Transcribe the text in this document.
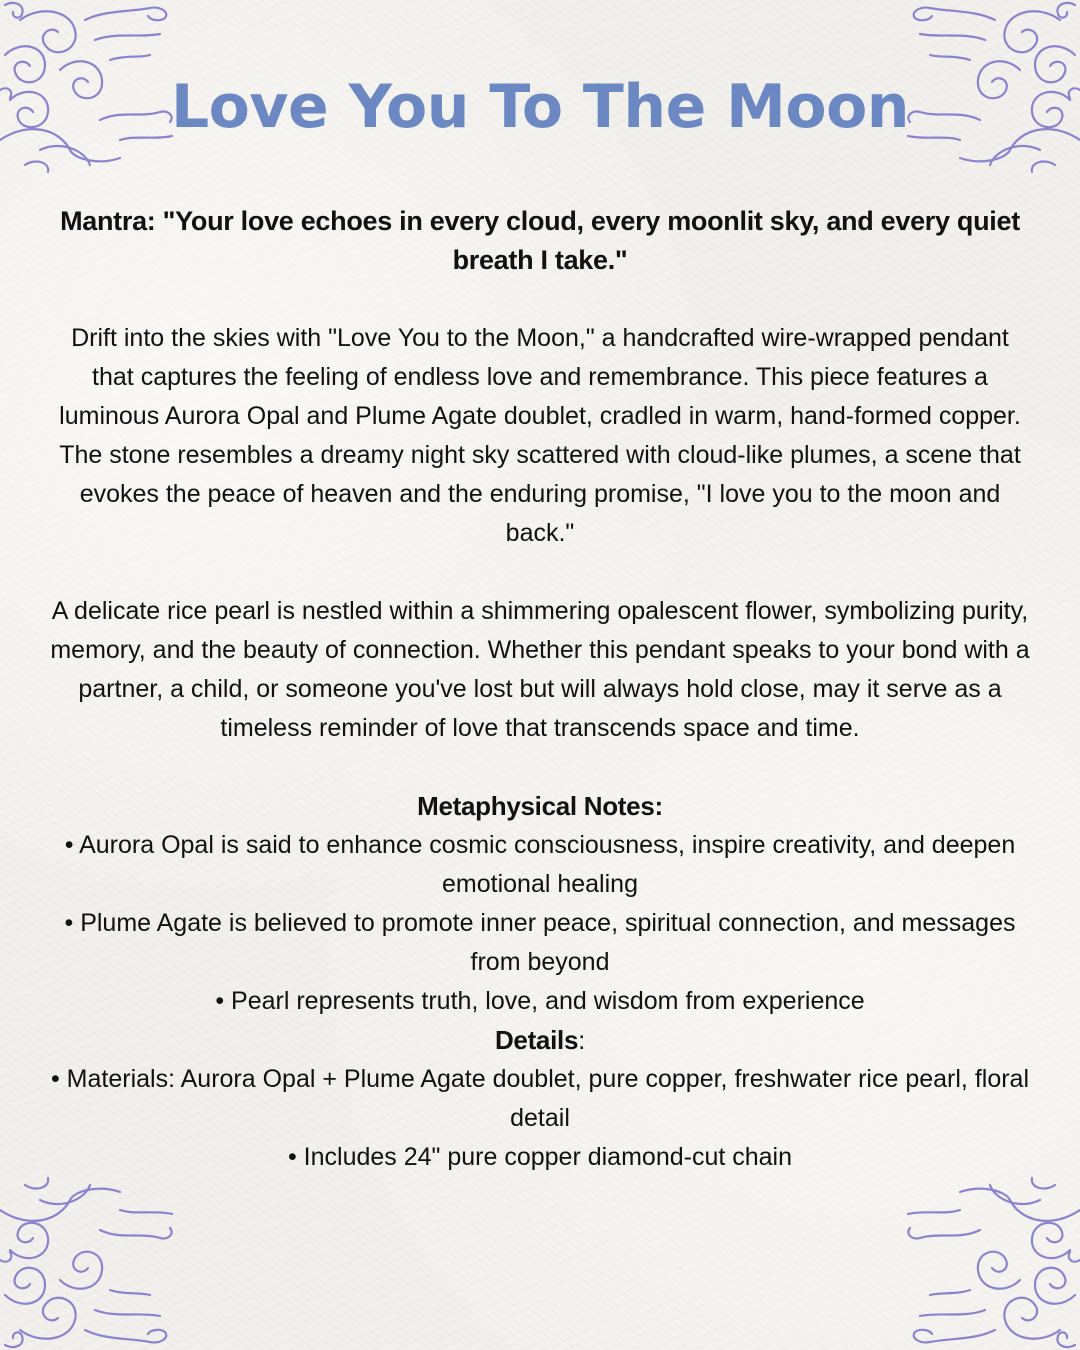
Love You To The Moon

Mantra: "Your love echoes in every cloud, every moonlit sky, and every quiet breath I take."

Drift into the skies with "Love You to the Moon," a handcrafted wire-wrapped pendant that captures the feeling of endless love and remembrance. This piece features a luminous Aurora Opal and Plume Agate doublet, cradled in warm, hand-formed copper. The stone resembles a dreamy night sky scattered with cloud-like plumes, a scene that evokes the peace of heaven and the enduring promise, "I love you to the moon and back."

A delicate rice pearl is nestled within a shimmering opalescent flower, symbolizing purity, memory, and the beauty of connection. Whether this pendant speaks to your bond with a partner, a child, or someone you've lost but will always hold close, may it serve as a timeless reminder of love that transcends space and time.

Metaphysical Notes:

• Aurora Opal is said to enhance cosmic consciousness, inspire creativity, and deepen emotional healing

• Plume Agate is believed to promote inner peace, spiritual connection, and messages from beyond

• Pearl represents truth, love, and wisdom from experience

Details:

• Materials: Aurora Opal + Plume Agate doublet, pure copper, freshwater rice pearl, floral detail

• Includes 24" pure copper diamond-cut chain
